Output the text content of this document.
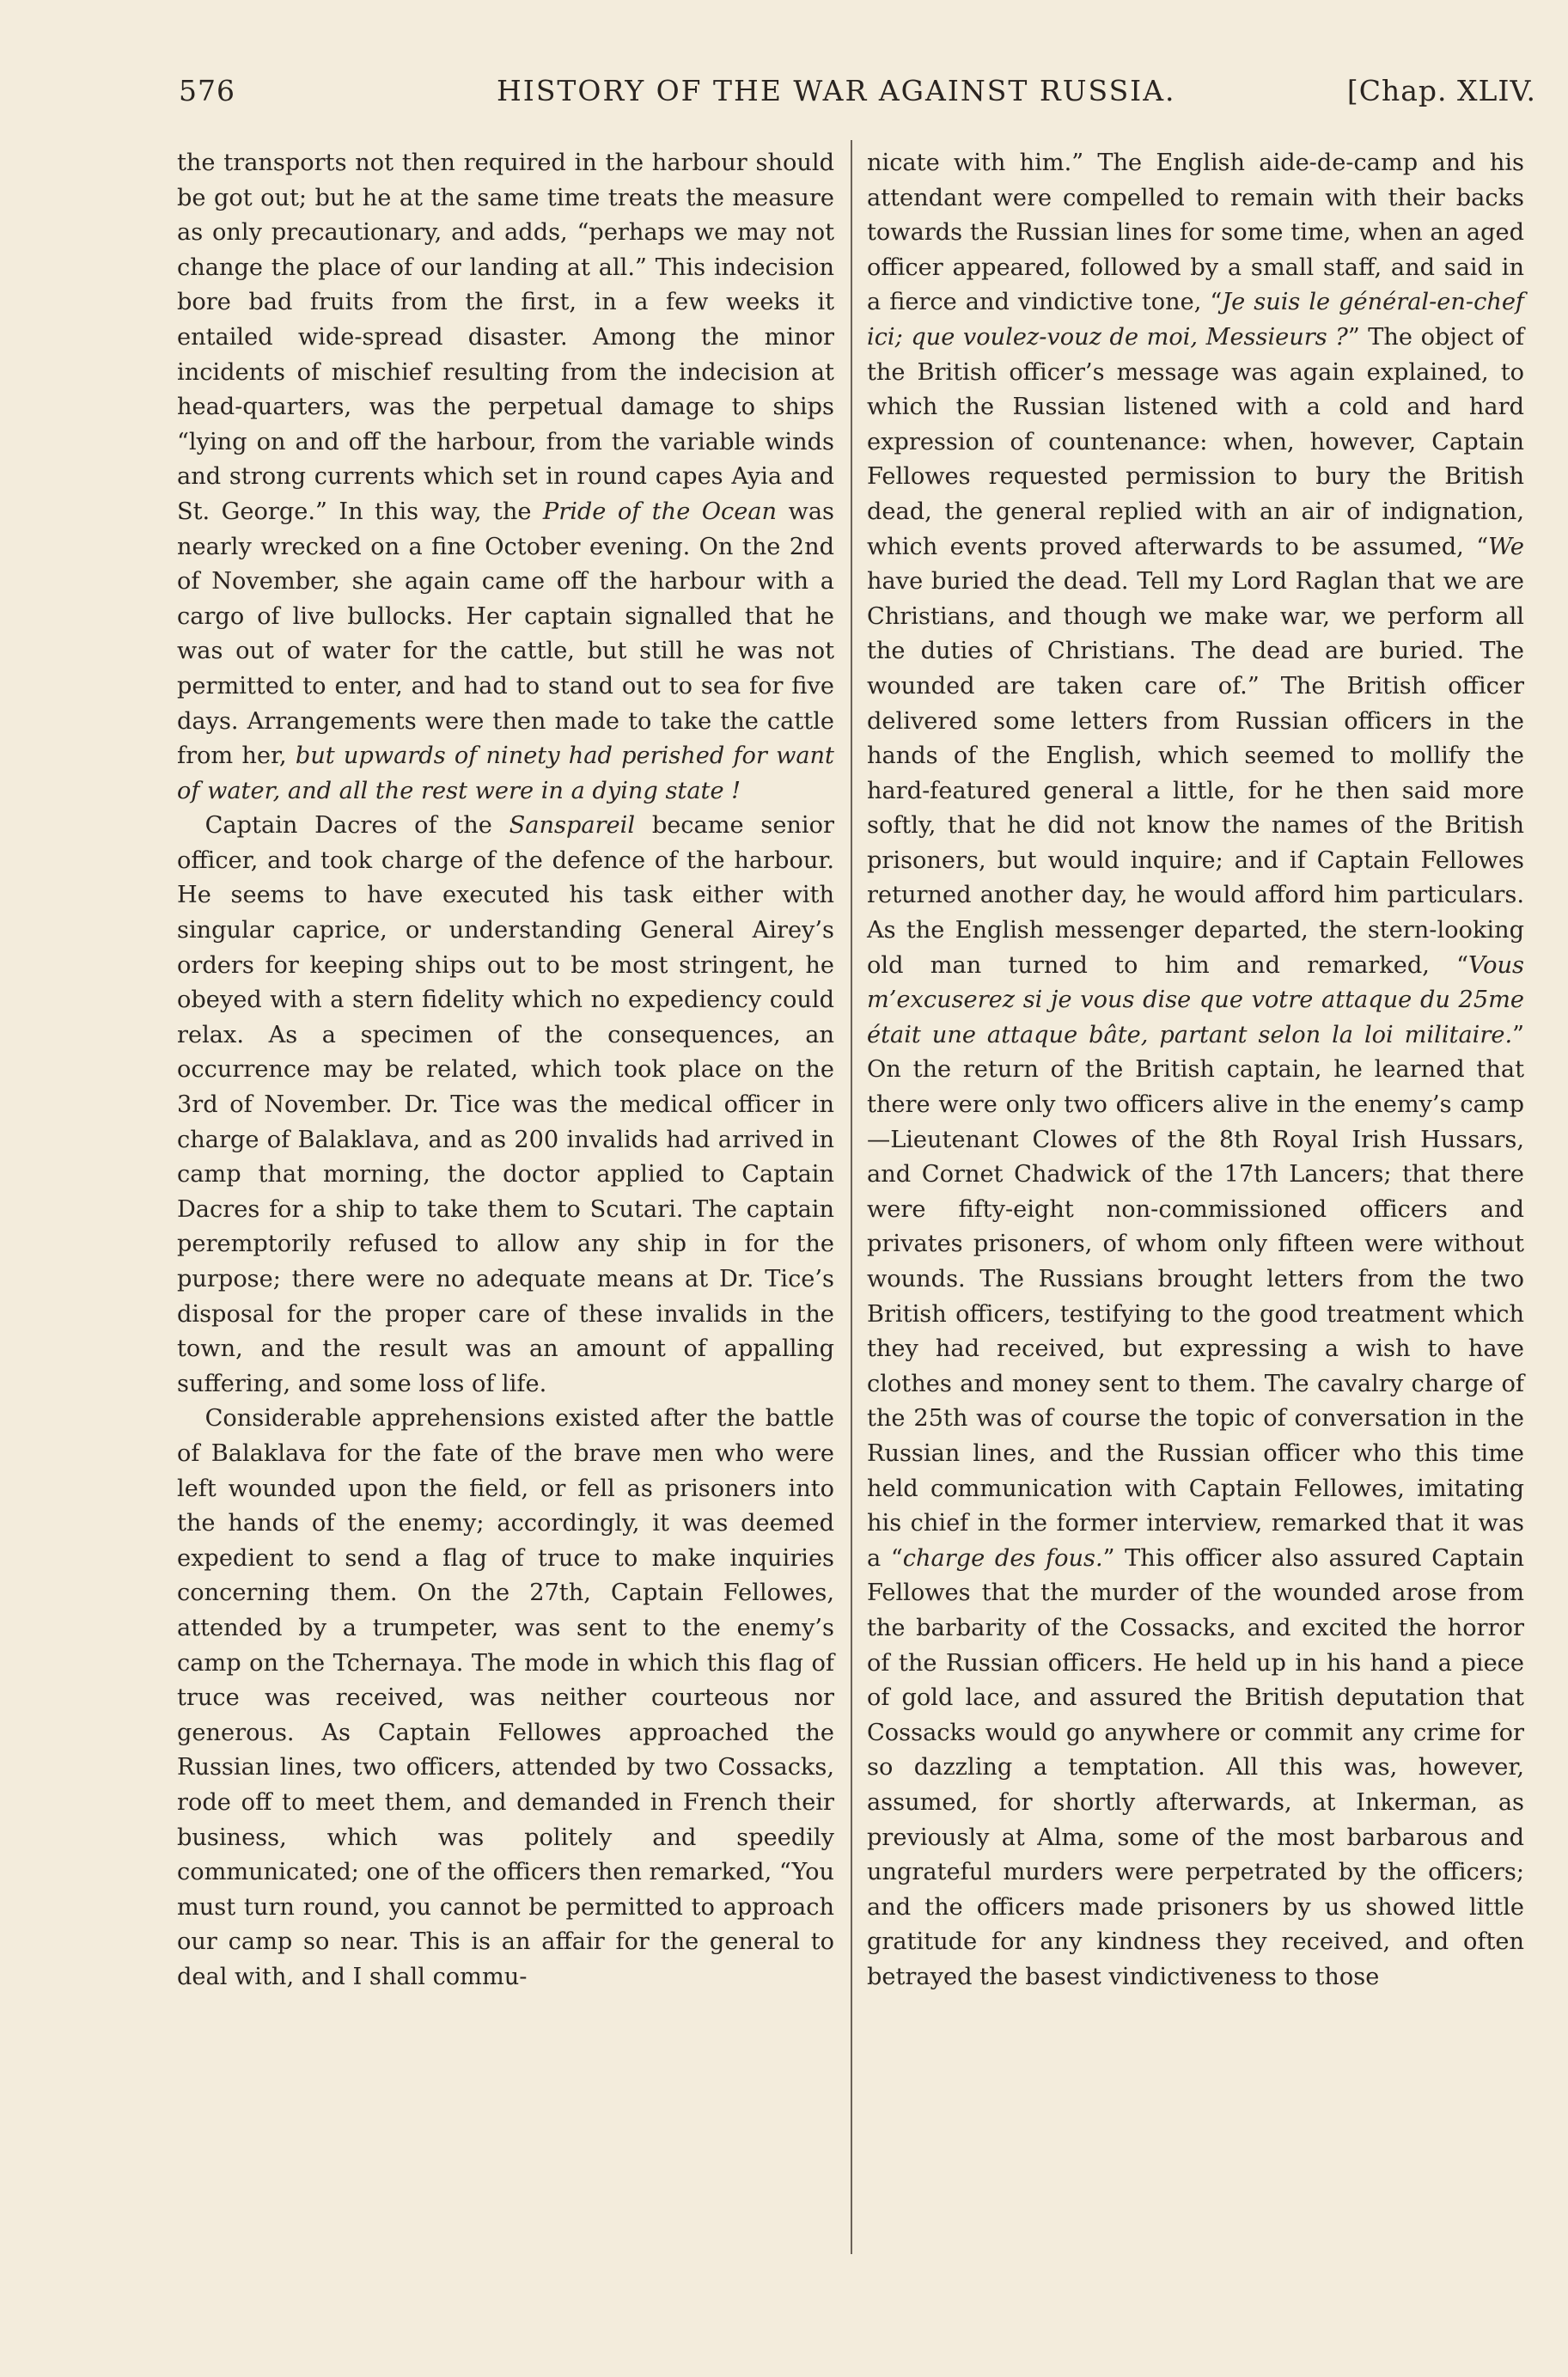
576	HISTORY OF THE WAR AGAINST RUSSIA.	[Chap. XLIV.

the transports not then required in the harbour should be got out; but he at the same time treats the measure as only precautionary, and adds, “perhaps we may not change the place of our landing at all.” This indecision bore bad fruits from the first, in a few weeks it entailed wide-spread disaster. Among the minor incidents of mischief resulting from the indecision at head-quarters, was the perpetual damage to ships “lying on and off the harbour, from the variable winds and strong currents which set in round capes Ayia and St. George.” In this way, the Pride of the Ocean was nearly wrecked on a fine October evening. On the 2nd of November, she again came off the harbour with a cargo of live bullocks. Her captain signalled that he was out of water for the cattle, but still he was not permitted to enter, and had to stand out to sea for five days. Arrangements were then made to take the cattle from her, but upwards of ninety had perished for want of water, and all the rest were in a dying state !

Captain Dacres of the Sanspareil became senior officer, and took charge of the defence of the harbour. He seems to have executed his task either with singular caprice, or understanding General Airey’s orders for keeping ships out to be most stringent, he obeyed with a stern fidelity which no expediency could relax. As a specimen of the consequences, an occurrence may be related, which took place on the 3rd of November. Dr. Tice was the medical officer in charge of Balaklava, and as 200 invalids had arrived in camp that morning, the doctor applied to Captain Dacres for a ship to take them to Scutari. The captain peremptorily refused to allow any ship in for the purpose; there were no adequate means at Dr. Tice’s disposal for the proper care of these invalids in the town, and the result was an amount of appalling suffering, and some loss of life.

Considerable apprehensions existed after the battle of Balaklava for the fate of the brave men who were left wounded upon the field, or fell as prisoners into the hands of the enemy; accordingly, it was deemed expedient to send a flag of truce to make inquiries concerning them. On the 27th, Captain Fellowes, attended by a trumpeter, was sent to the enemy’s camp on the Tchernaya. The mode in which this flag of truce was received, was neither courteous nor generous. As Captain Fellowes approached the Russian lines, two officers, attended by two Cossacks, rode off to meet them, and demanded in French their business, which was politely and speedily communicated; one of the officers then remarked, “You must turn round, you cannot be permitted to approach our camp so near. This is an affair for the general to deal with, and I shall commu-

nicate with him.” The English aide-de-camp and his attendant were compelled to remain with their backs towards the Russian lines for some time, when an aged officer appeared, followed by a small staff, and said in a fierce and vindictive tone, “Je suis le général-en-chef ici; que voulez-vouz de moi, Messieurs ?” The object of the British officer’s message was again explained, to which the Russian listened with a cold and hard expression of countenance: when, however, Captain Fellowes requested permission to bury the British dead, the general replied with an air of indignation, which events proved afterwards to be assumed, “We have buried the dead. Tell my Lord Raglan that we are Christians, and though we make war, we perform all the duties of Christians. The dead are buried. The wounded are taken care of.” The British officer delivered some letters from Russian officers in the hands of the English, which seemed to mollify the hard-featured general a little, for he then said more softly, that he did not know the names of the British prisoners, but would inquire; and if Captain Fellowes returned another day, he would afford him particulars. As the English messenger departed, the stern-looking old man turned to him and remarked, “Vous m’excuserez si je vous dise que votre attaque du 25me était une attaque bâte, partant selon la loi militaire.” On the return of the British captain, he learned that there were only two officers alive in the enemy’s camp—Lieutenant Clowes of the 8th Royal Irish Hussars, and Cornet Chadwick of the 17th Lancers; that there were fifty-eight non-commissioned officers and privates prisoners, of whom only fifteen were without wounds. The Russians brought letters from the two British officers, testifying to the good treatment which they had received, but expressing a wish to have clothes and money sent to them. The cavalry charge of the 25th was of course the topic of conversation in the Russian lines, and the Russian officer who this time held communication with Captain Fellowes, imitating his chief in the former interview, remarked that it was a “charge des fous.” This officer also assured Captain Fellowes that the murder of the wounded arose from the barbarity of the Cossacks, and excited the horror of the Russian officers. He held up in his hand a piece of gold lace, and assured the British deputation that Cossacks would go anywhere or commit any crime for so dazzling a temptation. All this was, however, assumed, for shortly afterwards, at Inkerman, as previously at Alma, some of the most barbarous and ungrateful murders were perpetrated by the officers; and the officers made prisoners by us showed little gratitude for any kindness they received, and often betrayed the basest vindictiveness to those
